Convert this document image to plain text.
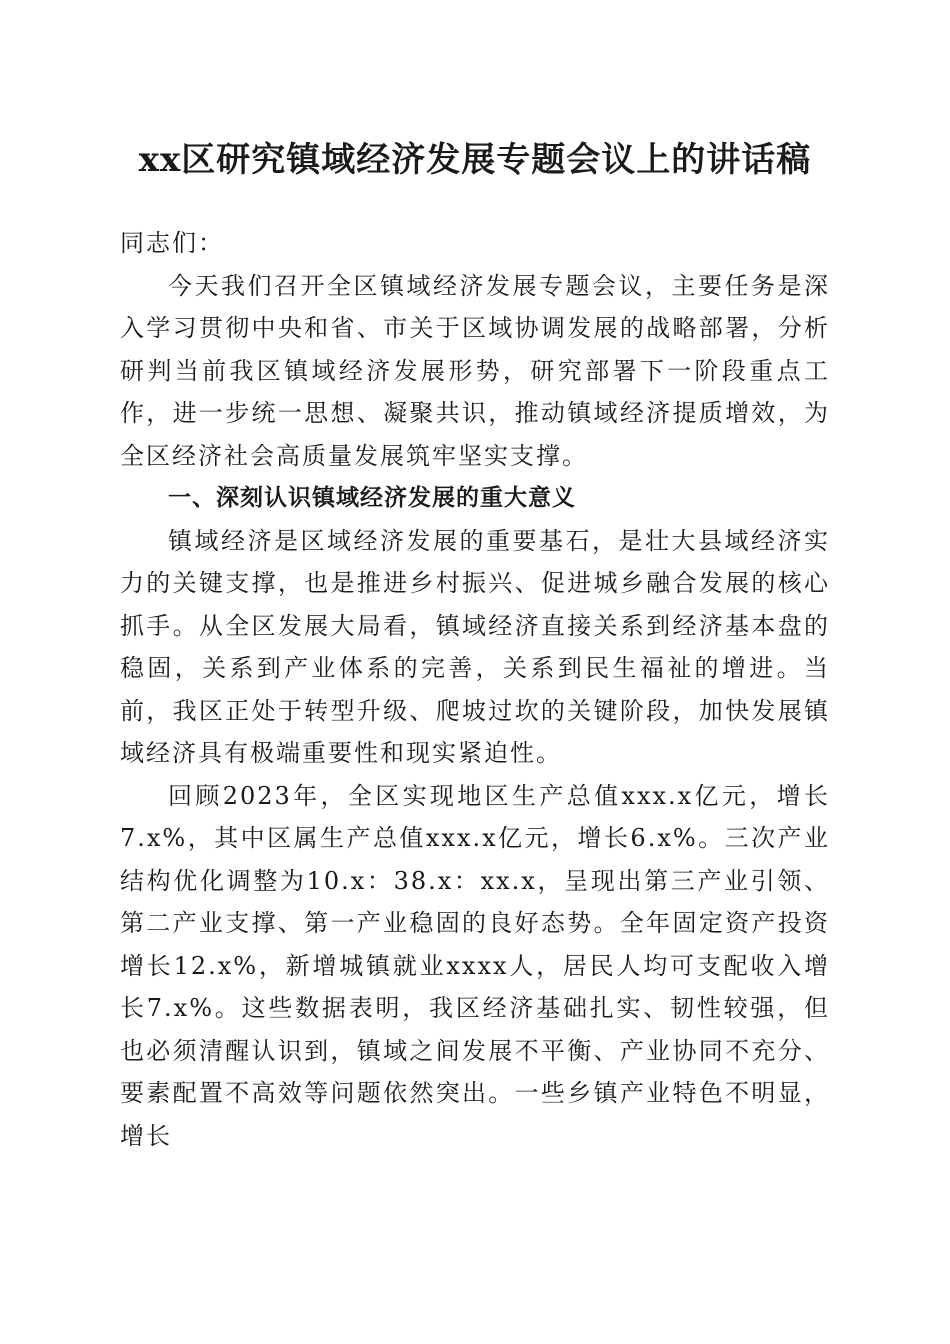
xx区研究镇域经济发展专题会议上的讲话稿

同志们：

今天我们召开全区镇域经济发展专题会议，主要任务是深入学习贯彻中央和省、市关于区域协调发展的战略部署，分析研判当前我区镇域经济发展形势，研究部署下一阶段重点工作，进一步统一思想、凝聚共识，推动镇域经济提质增效，为全区经济社会高质量发展筑牢坚实支撑。

一、深刻认识镇域经济发展的重大意义

镇域经济是区域经济发展的重要基石，是壮大县域经济实力的关键支撑，也是推进乡村振兴、促进城乡融合发展的核心抓手。从全区发展大局看，镇域经济直接关系到经济基本盘的稳固，关系到产业体系的完善，关系到民生福祉的增进。当前，我区正处于转型升级、爬坡过坎的关键阶段，加快发展镇域经济具有极端重要性和现实紧迫性。

回顾2023年，全区实现地区生产总值xxx.x亿元，增长7.x%，其中区属生产总值xxx.x亿元，增长6.x%。三次产业结构优化调整为10.x：38.x：xx.x，呈现出第三产业引领、第二产业支撑、第一产业稳固的良好态势。全年固定资产投资增长12.x%，新增城镇就业xxxx人，居民人均可支配收入增长7.x%。这些数据表明，我区经济基础扎实、韧性较强，但也必须清醒认识到，镇域之间发展不平衡、产业协同不充分、要素配置不高效等问题依然突出。一些乡镇产业特色不明显，增长
